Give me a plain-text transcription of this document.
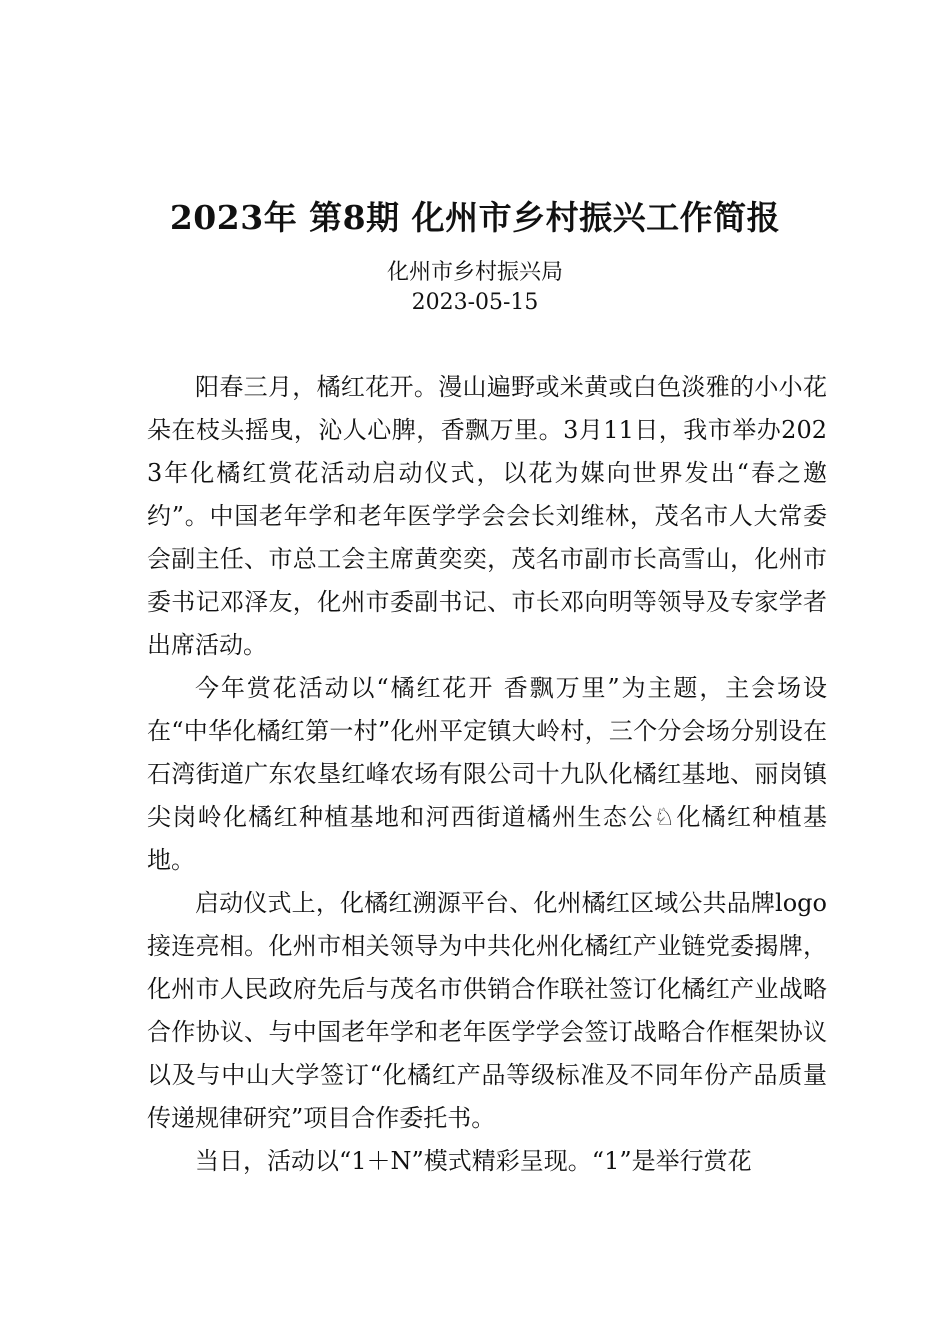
2023年 第8期 化州市乡村振兴工作简报
化州市乡村振兴局
2023-05-15

阳春三月，橘红花开。漫山遍野或米黄或白色淡雅的小小花朵在枝头摇曳，沁人心脾，香飘万里。3月11日，我市举办2023年化橘红赏花活动启动仪式，以花为媒向世界发出“春之邀约”。中国老年学和老年医学学会会长刘维林，茂名市人大常委会副主任、市总工会主席黄奕奕，茂名市副市长高雪山，化州市委书记邓泽友，化州市委副书记、市长邓向明等领导及专家学者出席活动。

今年赏花活动以“橘红花开 香飘万里”为主题，主会场设在“中华化橘红第一村”化州平定镇大岭村，三个分会场分别设在石湾街道广东农垦红峰农场有限公司十九队化橘红基地、丽岗镇尖岗岭化橘红种植基地和河西街道橘州生态公♘化橘红种植基地。

启动仪式上，化橘红溯源平台、化州橘红区域公共品牌logo接连亮相。化州市相关领导为中共化州化橘红产业链党委揭牌，化州市人民政府先后与茂名市供销合作联社签订化橘红产业战略合作协议、与中国老年学和老年医学学会签订战略合作框架协议以及与中山大学签订“化橘红产品等级标准及不同年份产品质量传递规律研究”项目合作委托书。

当日，活动以“1＋N”模式精彩呈现。“1”是举行赏花
